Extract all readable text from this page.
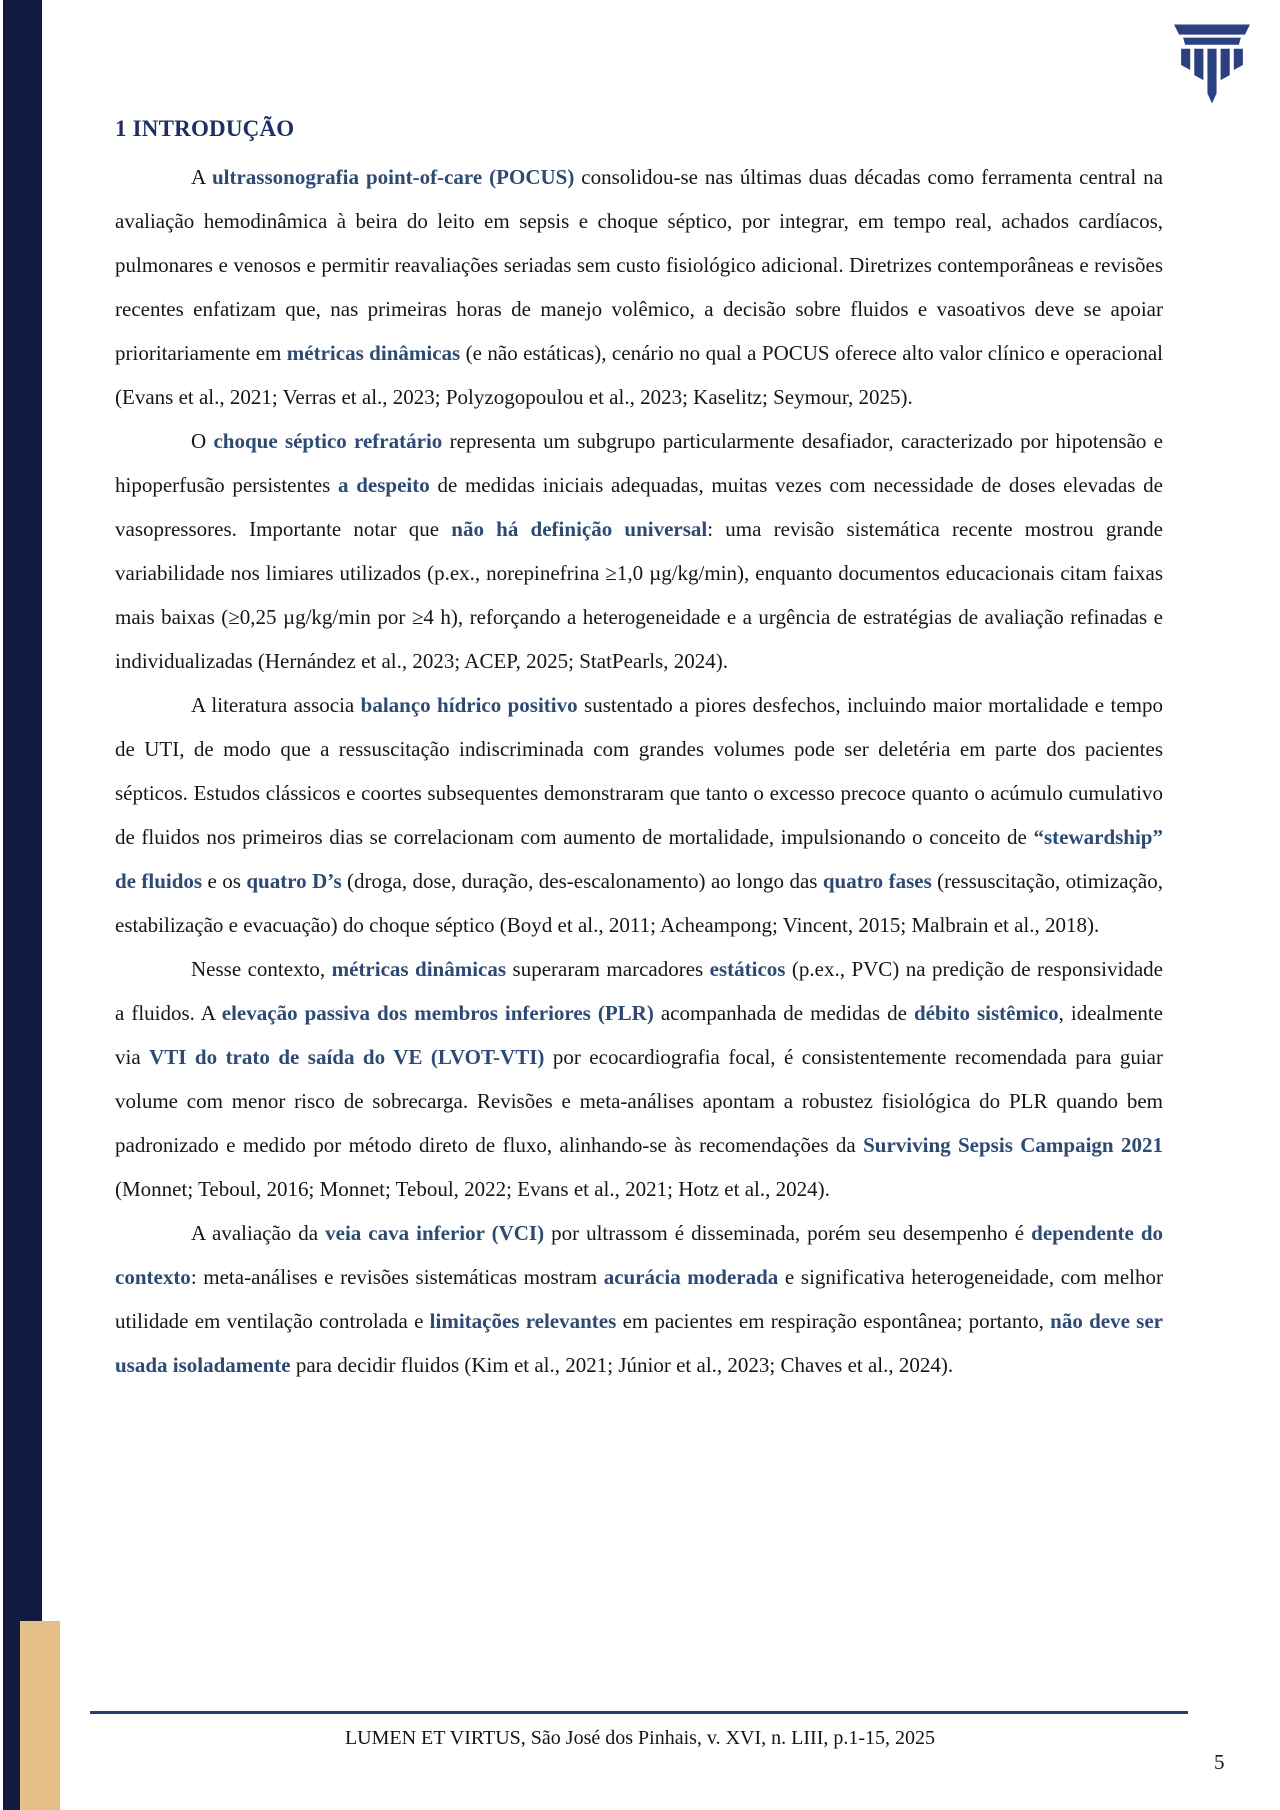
1 INTRODUÇÃO

A ultrassonografia point-of-care (POCUS) consolidou-se nas últimas duas décadas como ferramenta central na avaliação hemodinâmica à beira do leito em sepsis e choque séptico, por integrar, em tempo real, achados cardíacos, pulmonares e venosos e permitir reavaliações seriadas sem custo fisiológico adicional. Diretrizes contemporâneas e revisões recentes enfatizam que, nas primeiras horas de manejo volêmico, a decisão sobre fluidos e vasoativos deve se apoiar prioritariamente em métricas dinâmicas (e não estáticas), cenário no qual a POCUS oferece alto valor clínico e operacional (Evans et al., 2021; Verras et al., 2023; Polyzogopoulou et al., 2023; Kaselitz; Seymour, 2025).

O choque séptico refratário representa um subgrupo particularmente desafiador, caracterizado por hipotensão e hipoperfusão persistentes a despeito de medidas iniciais adequadas, muitas vezes com necessidade de doses elevadas de vasopressores. Importante notar que não há definição universal: uma revisão sistemática recente mostrou grande variabilidade nos limiares utilizados (p.ex., norepinefrina ≥1,0 µg/kg/min), enquanto documentos educacionais citam faixas mais baixas (≥0,25 µg/kg/min por ≥4 h), reforçando a heterogeneidade e a urgência de estratégias de avaliação refinadas e individualizadas (Hernández et al., 2023; ACEP, 2025; StatPearls, 2024).

A literatura associa balanço hídrico positivo sustentado a piores desfechos, incluindo maior mortalidade e tempo de UTI, de modo que a ressuscitação indiscriminada com grandes volumes pode ser deletéria em parte dos pacientes sépticos. Estudos clássicos e coortes subsequentes demonstraram que tanto o excesso precoce quanto o acúmulo cumulativo de fluidos nos primeiros dias se correlacionam com aumento de mortalidade, impulsionando o conceito de “stewardship” de fluidos e os quatro D’s (droga, dose, duração, des-escalonamento) ao longo das quatro fases (ressuscitação, otimização, estabilização e evacuação) do choque séptico (Boyd et al., 2011; Acheampong; Vincent, 2015; Malbrain et al., 2018).

Nesse contexto, métricas dinâmicas superaram marcadores estáticos (p.ex., PVC) na predição de responsividade a fluidos. A elevação passiva dos membros inferiores (PLR) acompanhada de medidas de débito sistêmico, idealmente via VTI do trato de saída do VE (LVOT-VTI) por ecocardiografia focal, é consistentemente recomendada para guiar volume com menor risco de sobrecarga. Revisões e meta-análises apontam a robustez fisiológica do PLR quando bem padronizado e medido por método direto de fluxo, alinhando-se às recomendações da Surviving Sepsis Campaign 2021 (Monnet; Teboul, 2016; Monnet; Teboul, 2022; Evans et al., 2021; Hotz et al., 2024).

A avaliação da veia cava inferior (VCI) por ultrassom é disseminada, porém seu desempenho é dependente do contexto: meta-análises e revisões sistemáticas mostram acurácia moderada e significativa heterogeneidade, com melhor utilidade em ventilação controlada e limitações relevantes em pacientes em respiração espontânea; portanto, não deve ser usada isoladamente para decidir fluidos (Kim et al., 2021; Júnior et al., 2023; Chaves et al., 2024).

LUMEN ET VIRTUS, São José dos Pinhais, v. XVI, n. LIII, p.1-15, 2025
5
